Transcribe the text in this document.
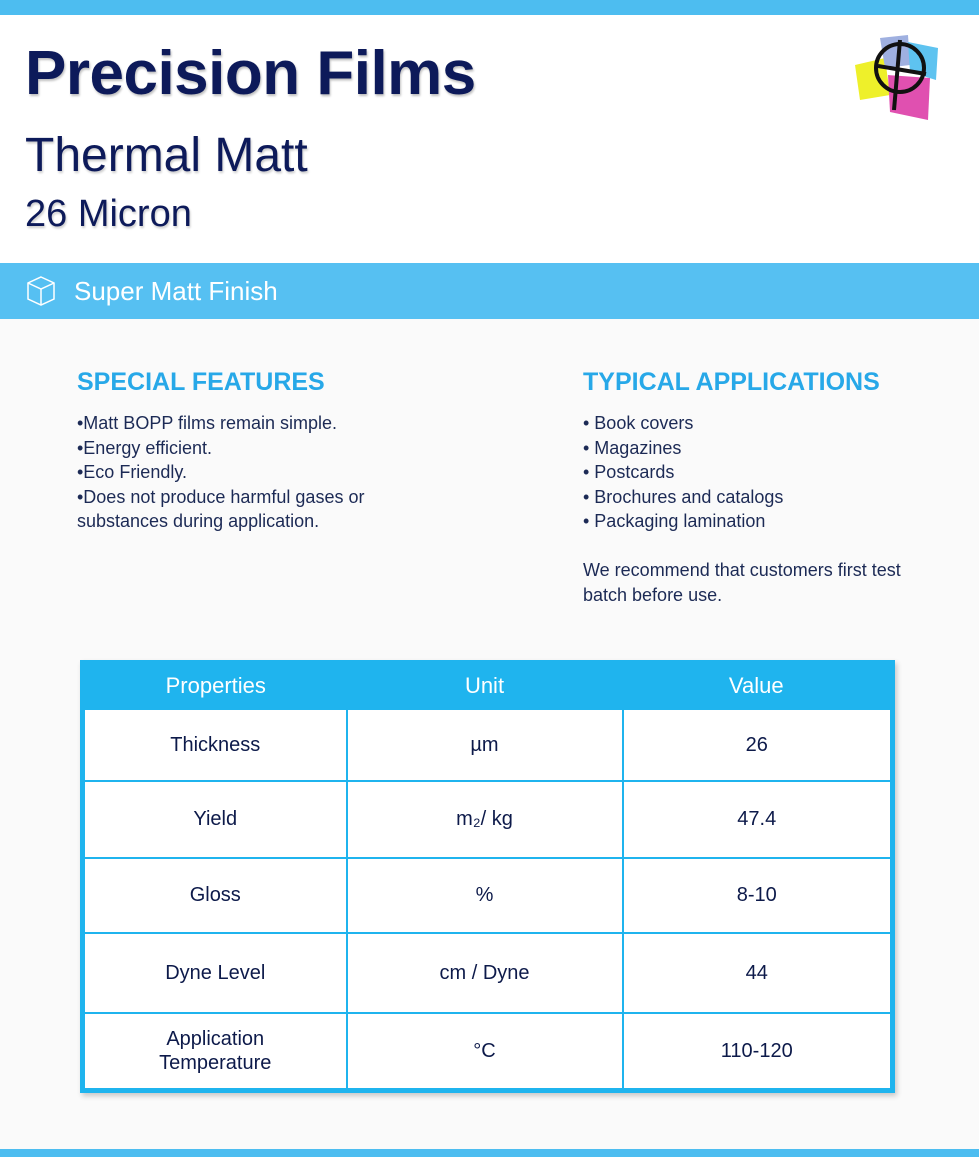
Precision Films
Thermal Matt
26 Micron
Super Matt Finish
SPECIAL FEATURES

•Matt BOPP films remain simple.

•Energy efficient.

•Eco Friendly.

•Does not produce harmful gases or substances during application.

TYPICAL APPLICATIONS

• Book covers

• Magazines

• Postcards

• Brochures and catalogs

• Packaging lamination

We recommend that customers first test batch before use.

Properties	Unit	Value
Thickness	µm	26
Yield	m₂/ kg	47.4
Gloss	%	8-10
Dyne Level	cm / Dyne	44
Application Temperature	°C	110-120
